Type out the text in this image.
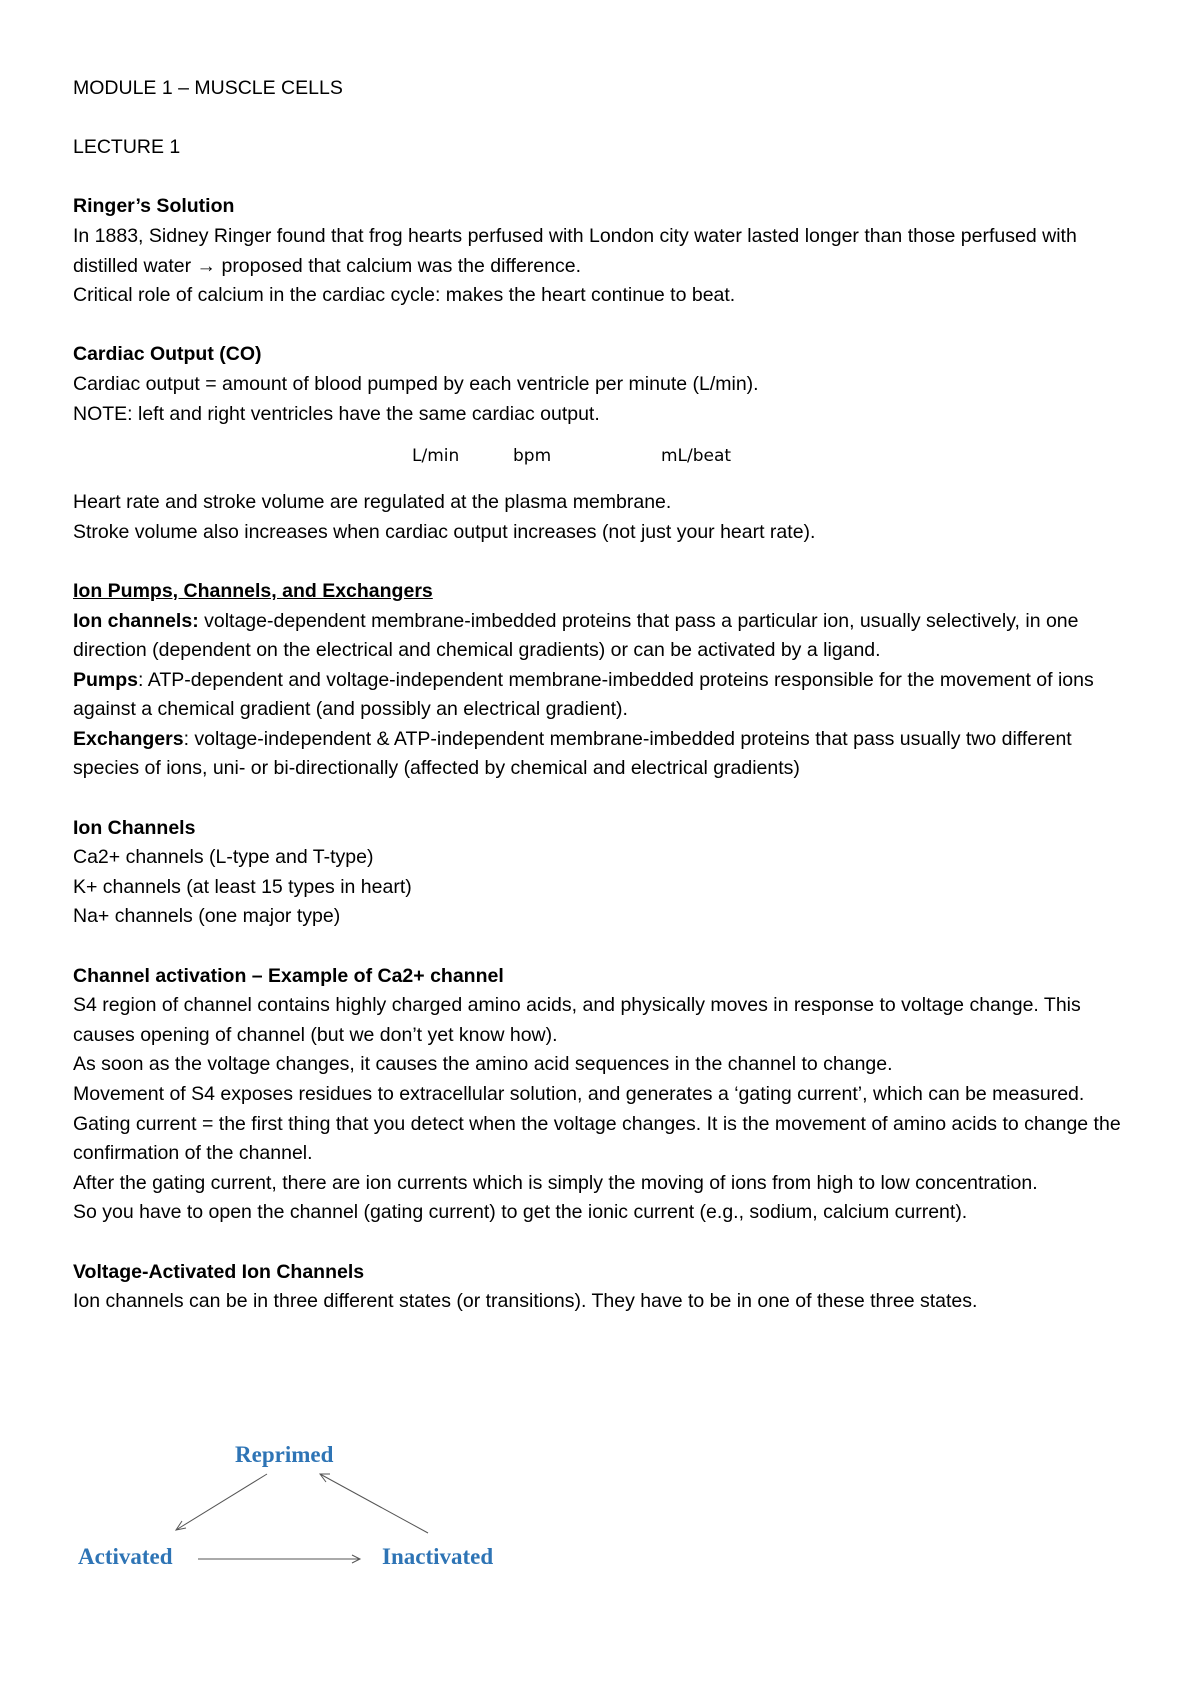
MODULE 1 – MUSCLE CELLS

LECTURE 1

Ringer’s Solution

In 1883, Sidney Ringer found that frog hearts perfused with London city water lasted longer than those perfused with distilled water → proposed that calcium was the difference.

Critical role of calcium in the cardiac cycle: makes the heart continue to beat.

Cardiac Output (CO)

Cardiac output = amount of blood pumped by each ventricle per minute (L/min).

NOTE: left and right ventricles have the same cardiac output.

L/min	bpm	mL/beat

Heart rate and stroke volume are regulated at the plasma membrane.

Stroke volume also increases when cardiac output increases (not just your heart rate).

Ion Pumps, Channels, and Exchangers

Ion channels: voltage-dependent membrane-imbedded proteins that pass a particular ion, usually selectively, in one direction (dependent on the electrical and chemical gradients) or can be activated by a ligand.

Pumps: ATP-dependent and voltage-independent membrane-imbedded proteins responsible for the movement of ions against a chemical gradient (and possibly an electrical gradient).

Exchangers: voltage-independent & ATP-independent membrane-imbedded proteins that pass usually two different species of ions, uni- or bi-directionally (affected by chemical and electrical gradients)

Ion Channels

Ca2+ channels (L-type and T-type)

K+ channels (at least 15 types in heart)

Na+ channels (one major type)

Channel activation – Example of Ca2+ channel

S4 region of channel contains highly charged amino acids, and physically moves in response to voltage change. This causes opening of channel (but we don’t yet know how).

As soon as the voltage changes, it causes the amino acid sequences in the channel to change.

Movement of S4 exposes residues to extracellular solution, and generates a ‘gating current’, which can be measured.

Gating current = the first thing that you detect when the voltage changes. It is the movement of amino acids to change the confirmation of the channel.

After the gating current, there are ion currents which is simply the moving of ions from high to low concentration.

So you have to open the channel (gating current) to get the ionic current (e.g., sodium, calcium current).

Voltage-Activated Ion Channels

Ion channels can be in three different states (or transitions). They have to be in one of these three states.

Reprimed
Activated	Inactivated
